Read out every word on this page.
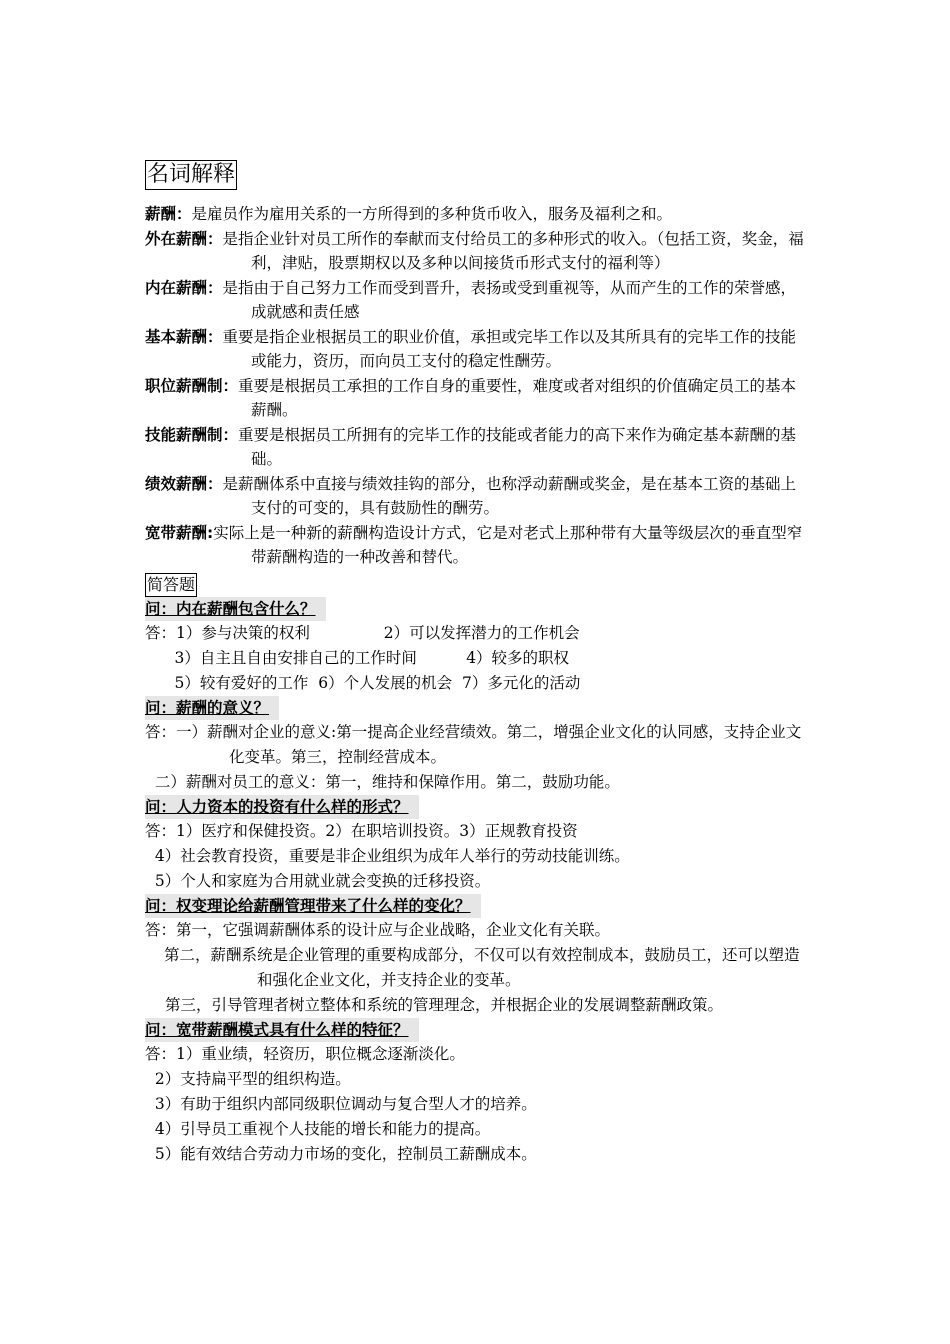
名词解释
薪酬：是雇员作为雇用关系的一方所得到的多种货币收入，服务及福利之和。
外在薪酬：是指企业针对员工所作的奉献而支付给员工的多种形式的收入。（包括工资，奖金，福利，津贴，股票期权以及多种以间接货币形式支付的福利等）
内在薪酬：是指由于自己努力工作而受到晋升，表扬或受到重视等，从而产生的工作的荣誉感，成就感和责任感
基本薪酬：重要是指企业根据员工的职业价值，承担或完毕工作以及其所具有的完毕工作的技能或能力，资历，而向员工支付的稳定性酬劳。
职位薪酬制：重要是根据员工承担的工作自身的重要性，难度或者对组织的价值确定员工的基本薪酬。
技能薪酬制：重要是根据员工所拥有的完毕工作的技能或者能力的高下来作为确定基本薪酬的基础。
绩效薪酬：是薪酬体系中直接与绩效挂钩的部分，也称浮动薪酬或奖金，是在基本工资的基础上支付的可变的，具有鼓励性的酬劳。
宽带薪酬:实际上是一种新的薪酬构造设计方式，它是对老式上那种带有大量等级层次的垂直型窄带薪酬构造的一种改善和替代。
简答题
问：内在薪酬包含什么？
答：1）参与决策的权利               2）可以发挥潜力的工作机会
3）自主且自由安排自己的工作时间          4）较多的职权
5）较有爱好的工作  6）个人发展的机会  7）多元化的活动
问：薪酬的意义？
答：一）薪酬对企业的意义:第一提高企业经营绩效。第二，增强企业文化的认同感，支持企业文化变革。第三，控制经营成本。
二）薪酬对员工的意义：第一，维持和保障作用。第二，鼓励功能。
问：人力资本的投资有什么样的形式？
答：1）医疗和保健投资。2）在职培训投资。3）正规教育投资
4）社会教育投资，重要是非企业组织为成年人举行的劳动技能训练。
5）个人和家庭为合用就业就会变换的迁移投资。
问：权变理论给薪酬管理带来了什么样的变化？
答：第一，它强调薪酬体系的设计应与企业战略，企业文化有关联。
第二，薪酬系统是企业管理的重要构成部分，不仅可以有效控制成本，鼓励员工，还可以塑造和强化企业文化，并支持企业的变革。
第三，引导管理者树立整体和系统的管理理念，并根据企业的发展调整薪酬政策。
问：宽带薪酬模式具有什么样的特征？
答：1）重业绩，轻资历，职位概念逐渐淡化。
2）支持扁平型的组织构造。
3）有助于组织内部同级职位调动与复合型人才的培养。
4）引导员工重视个人技能的增长和能力的提高。
5）能有效结合劳动力市场的变化，控制员工薪酬成本。
